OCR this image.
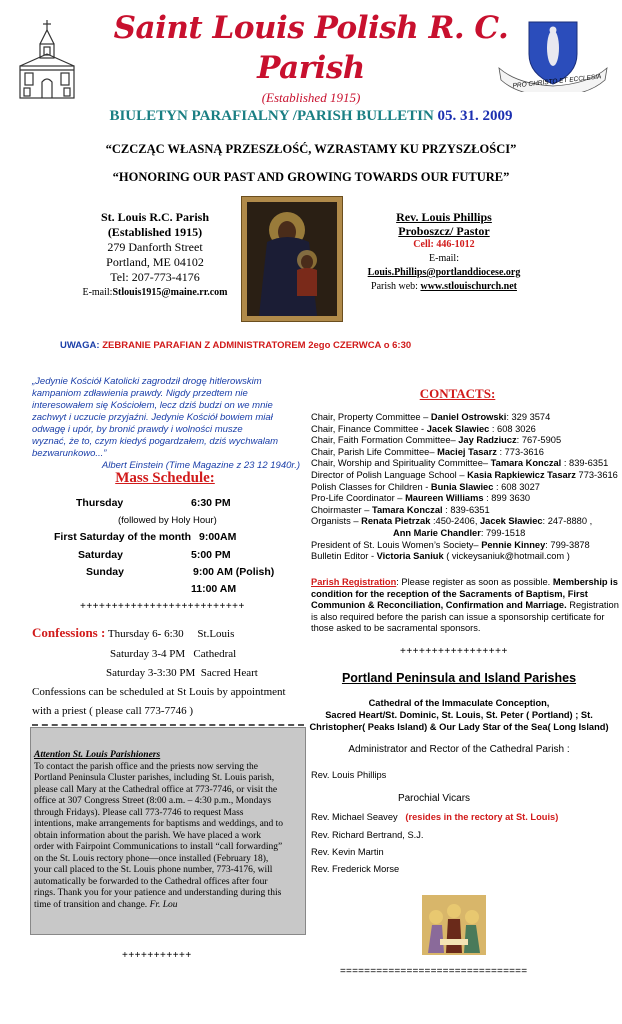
Saint Louis Polish R. C.
Parish
(Established 1915)
PRO CHRISTO ET ECCLESIA
BIULETYN PARAFIALNY /PARISH BULLETIN 05. 31. 2009
“CZCZĄC WŁASNĄ PRZESZŁOŚĆ, WZRASTAMY KU PRZYSZŁOŚCI”
“HONORING OUR PAST AND GROWING TOWARDS OUR FUTURE”
St. Louis R.C. Parish
(Established 1915)
279 Danforth Street
Portland, ME 04102
Tel: 207-773-4176
E-mail:Stlouis1915@maine.rr.com
Rev. Louis Phillips
Proboszcz/ Pastor
Cell: 446-1012
E-mail:
Louis.Phillips@portlanddiocese.org
Parish web: www.stlouischurch.net
UWAGA: ZEBRANIE PARAFIAN Z ADMINISTRATOREM 2ego CZERWCA o 6:30
„Jedynie Kościół Katolicki zagrodził drogę hitlerowskim
kampaniom zdławienia prawdy. Nigdy przedtem nie
interesowałem się Kościołem, lecz dziś budzi on we mnie
zachwyt i uczucie przyjaźni. Jedynie Kościół bowiem miał
odwagę i upór, by bronić prawdy i wolności musze
wyznać, że to, czym kiedyś pogardzałem, dziś wychwalam
bezwarunkowo...”
Albert Einstein (Time Magazine z 23 12 1940r.)
Mass Schedule:
Thursday	6:30 PM
(followed by Holy Hour)
First Saturday of the month 9:00AM
Saturday	5:00 PM
Sunday	9:00 AM (Polish)
11:00 AM
++++++++++++++++++++++++++
Confessions : Thursday 6- 6:30     St.Louis
Saturday 3-4 PM   Cathedral
Saturday 3-3:30 PM  Sacred Heart
Confessions can be scheduled at St Louis by appointment
with a priest ( please call 773-7746 )
Attention St. Louis Parishioners
To contact the parish office and the priests now serving the
Portland Peninsula Cluster parishes, including St. Louis parish,
please call Mary at the Cathedral office at 773-7746, or visit the
office at 307 Congress Street (8:00 a.m. – 4:30 p.m., Mondays
through Fridays). Please call 773-7746 to request Mass
intentions, make arrangements for baptisms and weddings, and to
obtain information about the parish. We have placed a work
order with Fairpoint Communications to install “call forwarding”
on the St. Louis rectory phone—once installed (February 18),
your call placed to the St. Louis phone number, 773-4176, will
automatically be forwarded to the Cathedral offices after four
rings. Thank you for your patience and understanding during this
time of transition and change. Fr. Lou
+++++++++++
CONTACTS:
Chair, Property Committee – Daniel Ostrowski: 329 3574
Chair, Finance Committee - Jacek Slawiec : 608 3026
Chair, Faith Formation Committee– Jay Radziucz: 767-5905
Chair, Parish Life Committee– Maciej Tasarz : 773-3616
Chair, Worship and Spirituality Committee– Tamara Konczal : 839-6351
Director of Polish Language School – Kasia Rapkiewicz Tasarz 773-3616
Polish Classes for Children - Bunia Slawiec : 608 3027
Pro-Life Coordinator – Maureen Williams : 899 3630
Choirmaster – Tamara Konczal : 839-6351
Organists – Renata Pietrzak :450-2406, Jacek Sławiec: 247-8880 ,
Ann Marie Chandler: 799-1518
President of St. Louis Women’s Society– Pennie Kinney: 799-3878
Bulletin Editor - Victoria Saniuk ( vickeysaniuk@hotmail.com )
Parish Registration: Please register as soon as possible. Membership is
condition for the reception of the Sacraments of Baptism, First
Communion & Reconciliation, Confirmation and Marriage. Registration
is also required before the parish can issue a sponsorship certificate for
those asked to be sacramental sponsors.
+++++++++++++++++
Portland Peninsula and Island Parishes
Cathedral of the Immaculate Conception,
Sacred Heart/St. Dominic, St. Louis, St. Peter ( Portland) ; St.
Christopher( Peaks Island) & Our Lady Star of the Sea( Long Island)
Administrator and Rector of the Cathedral Parish :
Rev. Louis Phillips
Parochial Vicars
Rev. Michael Seavey (resides in the rectory at St. Louis)
Rev. Richard Bertrand, S.J.
Rev. Kevin Martin
Rev. Frederick Morse
===============================
